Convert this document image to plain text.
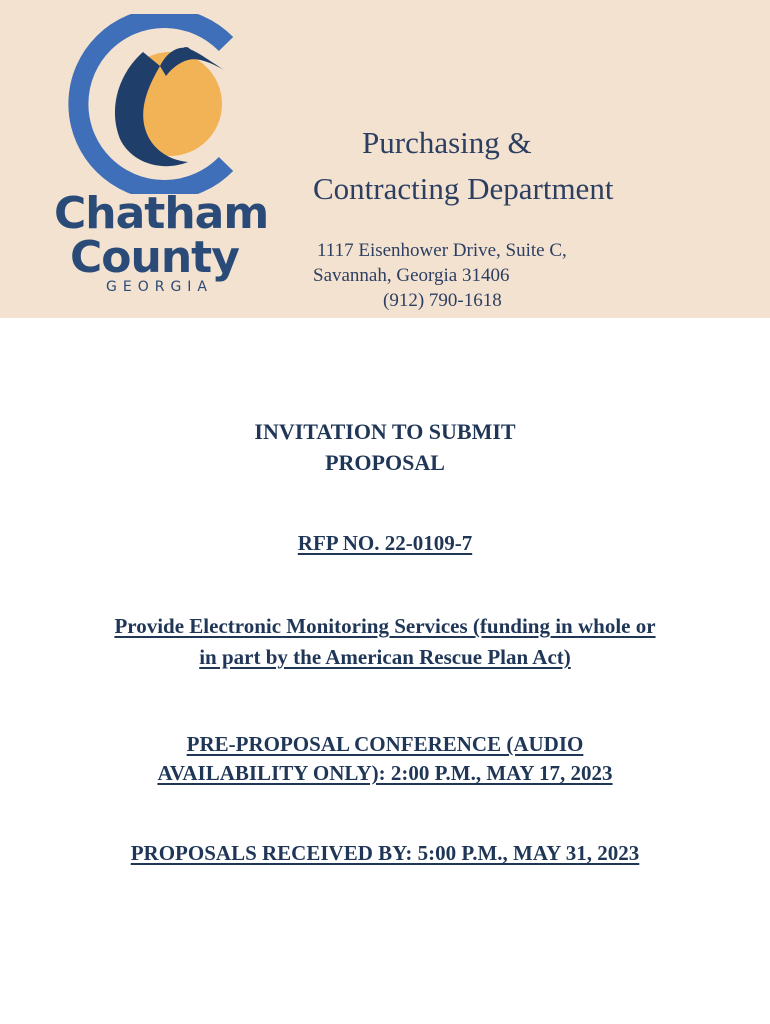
Chatham
County
GEORGIA
Purchasing &
Contracting Department
1117 Eisenhower Drive, Suite C,
Savannah, Georgia 31406
(912) 790-1618
INVITATION TO SUBMIT
PROPOSAL
RFP NO. 22-0109-7
Provide Electronic Monitoring Services (funding in whole or
in part by the American Rescue Plan Act)
PRE-PROPOSAL CONFERENCE (AUDIO
AVAILABILITY ONLY): 2:00 P.M., MAY 17, 2023
PROPOSALS RECEIVED BY: 5:00 P.M., MAY 31, 2023
